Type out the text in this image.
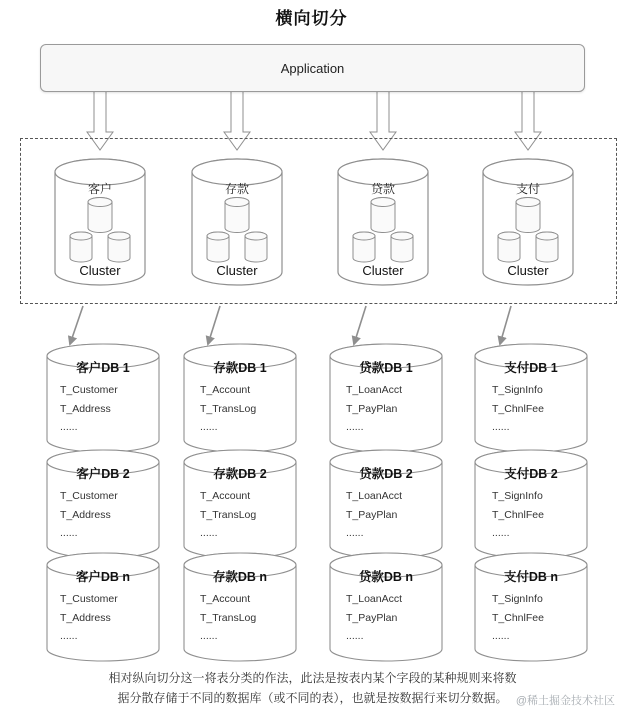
横向切分
Application
客户	存款	贷款	支付
Cluster	Cluster	Cluster	Cluster
客户DB 1
T_Customer
T_Address
......
客户DB 2
T_Customer
T_Address
......
客户DB n
T_Customer
T_Address
......
存款DB 1
T_Account
T_TransLog
......
存款DB 2
T_Account
T_TransLog
......
存款DB n
T_Account
T_TransLog
......
贷款DB 1
T_LoanAcct
T_PayPlan
......
贷款DB 2
T_LoanAcct
T_PayPlan
......
贷款DB n
T_LoanAcct
T_PayPlan
......
支付DB 1
T_SignInfo
T_ChnlFee
......
支付DB 2
T_SignInfo
T_ChnlFee
......
支付DB n
T_SignInfo
T_ChnlFee
......
相对纵向切分这一将表分类的作法，此法是按表内某个字段的某种规则来将数
据分散存储于不同的数据库（或不同的表），也就是按数据行来切分数据。 @稀土掘金技术社区
